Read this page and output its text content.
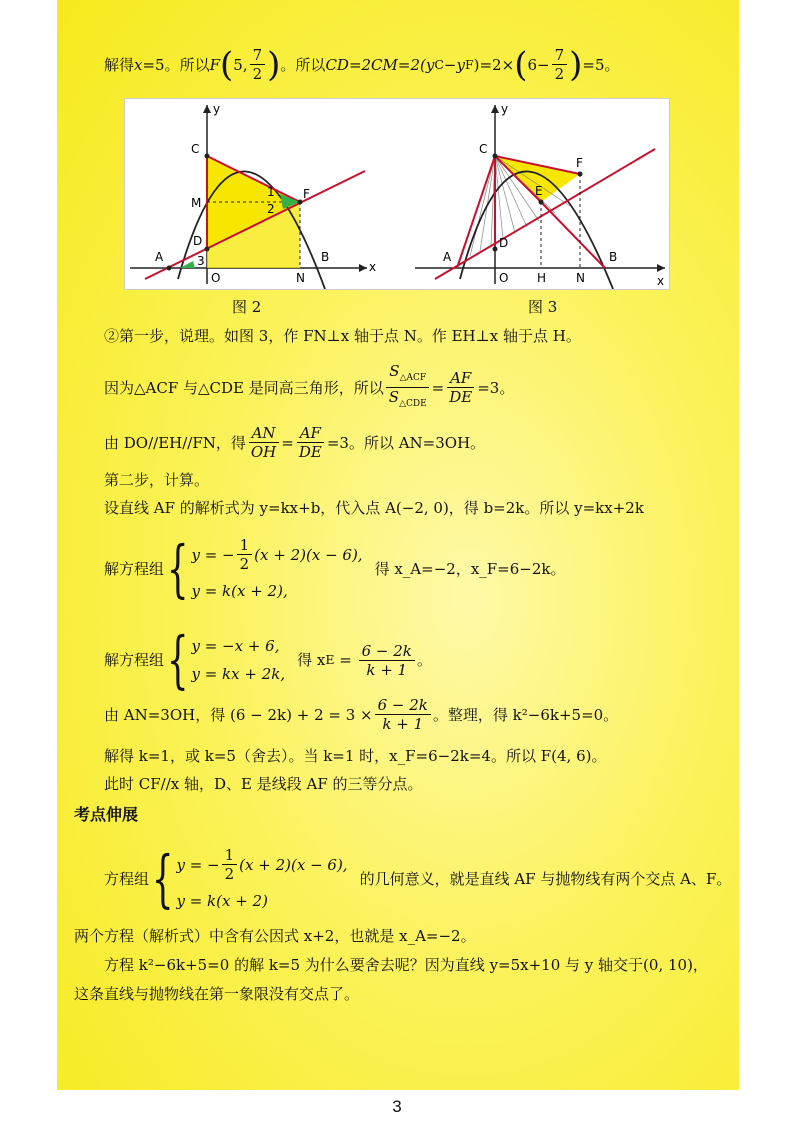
解得 x =5。所以 F ( 5, $\frac{7}{2}$ ) 。所以 CD=2CM=2(y C −y F )=2× ( $6- \frac{7}{2}$ ) =5。
y
x
C
M
D
A
O	N
B
F
1
2
3
y
x
C
D
A
O H N
B
F
E
图 2	图 3
②第一步，说理。如图 3，作 FN⊥x 轴于点 N。作 EH⊥x 轴于点 H。
因为△ACF 与△CDE 是同高三角形，所以 $\frac{S_{\triangle ACF}}{S_{\triangle CDE}} = \frac{AF}{DE} =3$。
由 DO//EH//FN，得 $\frac{AN}{OH} = \frac{AF}{DE} =3$。所以 AN=3OH。
第二步，计算。
设直线 AF 的解析式为 y=kx+b，代入点 A(−2, 0)，得 b=2k。所以 y=kx+2k
解方程组 { y = − $\frac{1}{2} (x + 2)(x - 6)$,
y = k(x + 2),
得 x_A=−2，x_F=6−2k。
解方程组 { y = −x + 6,
y = kx + 2k,
得 x $E = \frac{6 - 2k}{k + 1}$ 。
由 AN=3OH，得 $(6 - 2k) + 2 = 3 \times \frac{6 - 2k}{k + 1}$ 。整理，得 k²−6k+5=0。
解得 k=1，或 k=5（舍去）。当 k=1 时，x_F=6−2k=4。所以 F(4, 6)。
此时 CF//x 轴，D、E 是线段 AF 的三等分点。
考点伸展
方程组 { y = − $\frac{1}{2} (x + 2)(x - 6)$,
y = k(x + 2)
的几何意义，就是直线 AF 与抛物线有两个交点 A、F。
两个方程（解析式）中含有公因式 x+2，也就是 x_A=−2。
方程 k²−6k+5=0 的解 k=5 为什么要舍去呢？因为直线 y=5x+10 与 y 轴交于(0, 10)，
这条直线与抛物线在第一象限没有交点了。
3
